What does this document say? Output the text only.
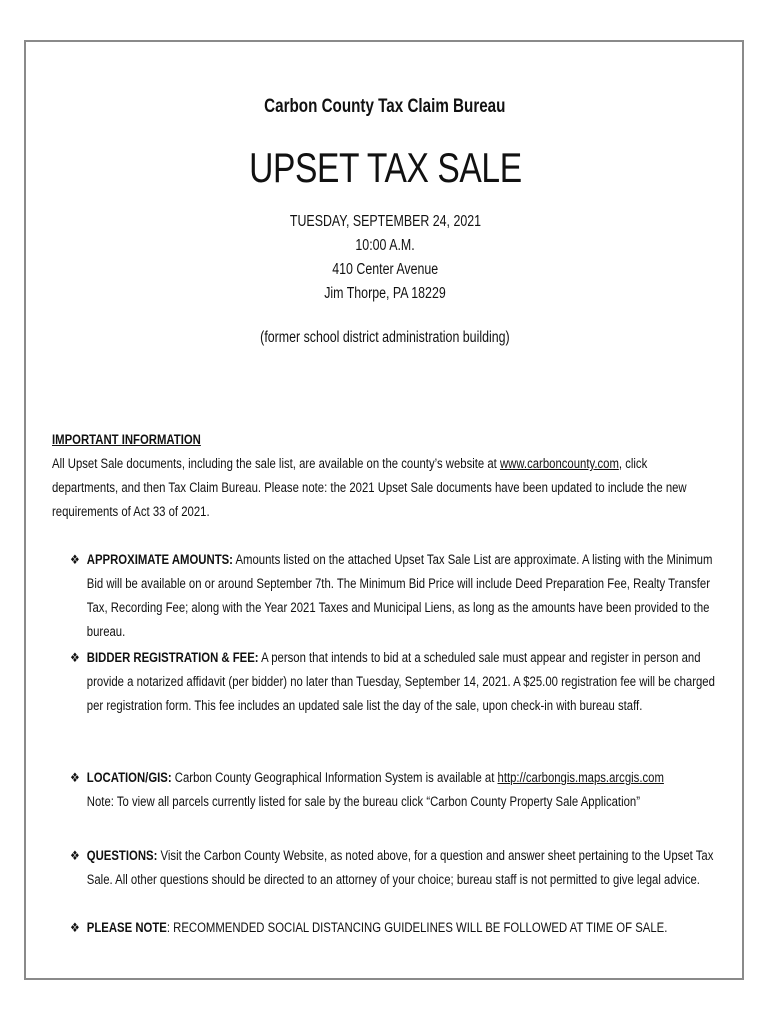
Carbon County Tax Claim Bureau
UPSET TAX SALE
TUESDAY, SEPTEMBER 24, 2021
10:00 A.M.
410 Center Avenue
Jim Thorpe, PA 18229
(former school district administration building)
IMPORTANT INFORMATION
All Upset Sale documents, including the sale list, are available on the county’s website at www.carboncounty.com, click departments, and then Tax Claim Bureau. Please note: the 2021 Upset Sale documents have been updated to include the new requirements of Act 33 of 2021.
❖ APPROXIMATE AMOUNTS: Amounts listed on the attached Upset Tax Sale List are approximate. A listing with the Minimum Bid will be available on or around September 7th. The Minimum Bid Price will include Deed Preparation Fee, Realty Transfer Tax, Recording Fee; along with the Year 2021 Taxes and Municipal Liens, as long as the amounts have been provided to the bureau.
❖ BIDDER REGISTRATION & FEE: A person that intends to bid at a scheduled sale must appear and register in person and provide a notarized affidavit (per bidder) no later than Tuesday, September 14, 2021. A $25.00 registration fee will be charged per registration form. This fee includes an updated sale list the day of the sale, upon check-in with bureau staff.
❖ LOCATION/GIS: Carbon County Geographical Information System is available at http://carbongis.maps.arcgis.com
Note: To view all parcels currently listed for sale by the bureau click “Carbon County Property Sale Application”
❖ QUESTIONS: Visit the Carbon County Website, as noted above, for a question and answer sheet pertaining to the Upset Tax Sale. All other questions should be directed to an attorney of your choice; bureau staff is not permitted to give legal advice.
❖ PLEASE NOTE: RECOMMENDED SOCIAL DISTANCING GUIDELINES WILL BE FOLLOWED AT TIME OF SALE.
